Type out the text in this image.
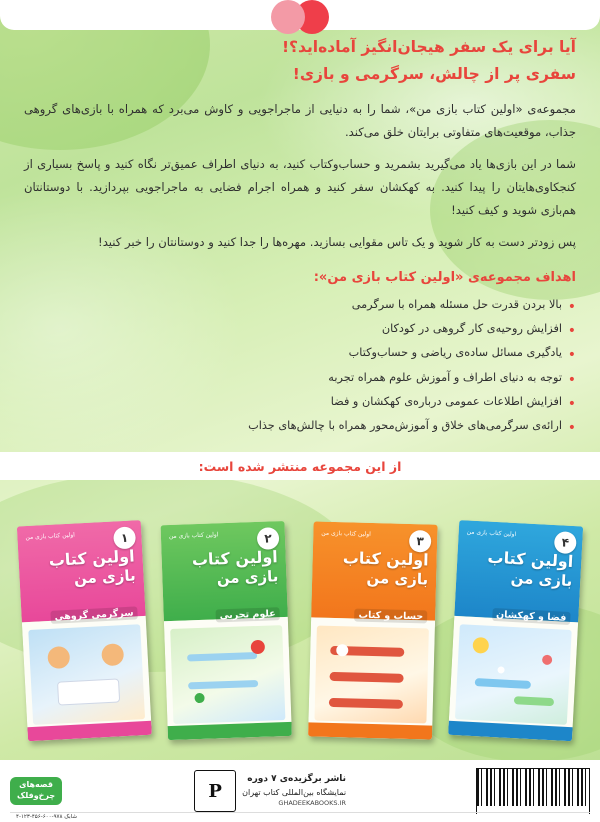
آیا برای یک سفر هیجان‌انگیز آماده‌اید؟!
سفری پر از چالش، سرگرمی و بازی!

مجموعه‌ی «اولین کتاب بازی من»، شما را به دنیایی از ماجراجویی و کاوش می‌برد که همراه با بازی‌های گروهی جذاب، موقعیت‌های متفاوتی برایتان خلق می‌کند.

شما در این بازی‌ها یاد می‌گیرید بشمرید و حساب‌وکتاب کنید، به دنیای اطراف عمیق‌تر نگاه کنید و پاسخ بسیاری از کنجکاوی‌هایتان را پیدا کنید. به کهکشان سفر کنید و همراه اجرام فضایی به ماجراجویی بپردازید. با دوستانتان هم‌بازی شوید و کیف کنید!

پس زودتر دست به کار شوید و یک تاس مقوایی بسازید. مهره‌ها را جدا کنید و دوستانتان را خبر کنید!

اهداف مجموعه‌ی «اولین کتاب بازی من»:
• بالا بردن قدرت حل مسئله همراه با سرگرمی
• افزایش روحیه‌ی کار گروهی در کودکان
• یادگیری مسائل ساده‌ی ریاضی و حساب‌وکتاب
• توجه به دنیای اطراف و آموزش علوم همراه تجربه
• افزایش اطلاعات عمومی درباره‌ی کهکشان و فضا
• ارائه‌ی سرگرمی‌های خلاق و آموزش‌محور همراه با چالش‌های جذاب
از این مجموعه منتشر شده است:
اولین کتاب بازی من
۴
اولین کتاب
بازی من
فضا و کهکشان
اولین کتاب بازی من
۳
اولین کتاب
بازی من
حساب و کتاب
اولین کتاب بازی من	۲
اولین کتاب
بازی من
علوم تجربی
اولین کتاب بازی من	۱
اولین کتاب
بازی من
سرگرمی گروهی
ناشر برگزیده‌ی ۷ دوره
نمایشگاه بین‌المللی کتاب تهران
GHADEEKABOOKS.IR
P
قصه‌های
چرخ‌وفلک
شابک ۹۷۸-۶۰۰-۴۵۶-۱۲۳-۴
